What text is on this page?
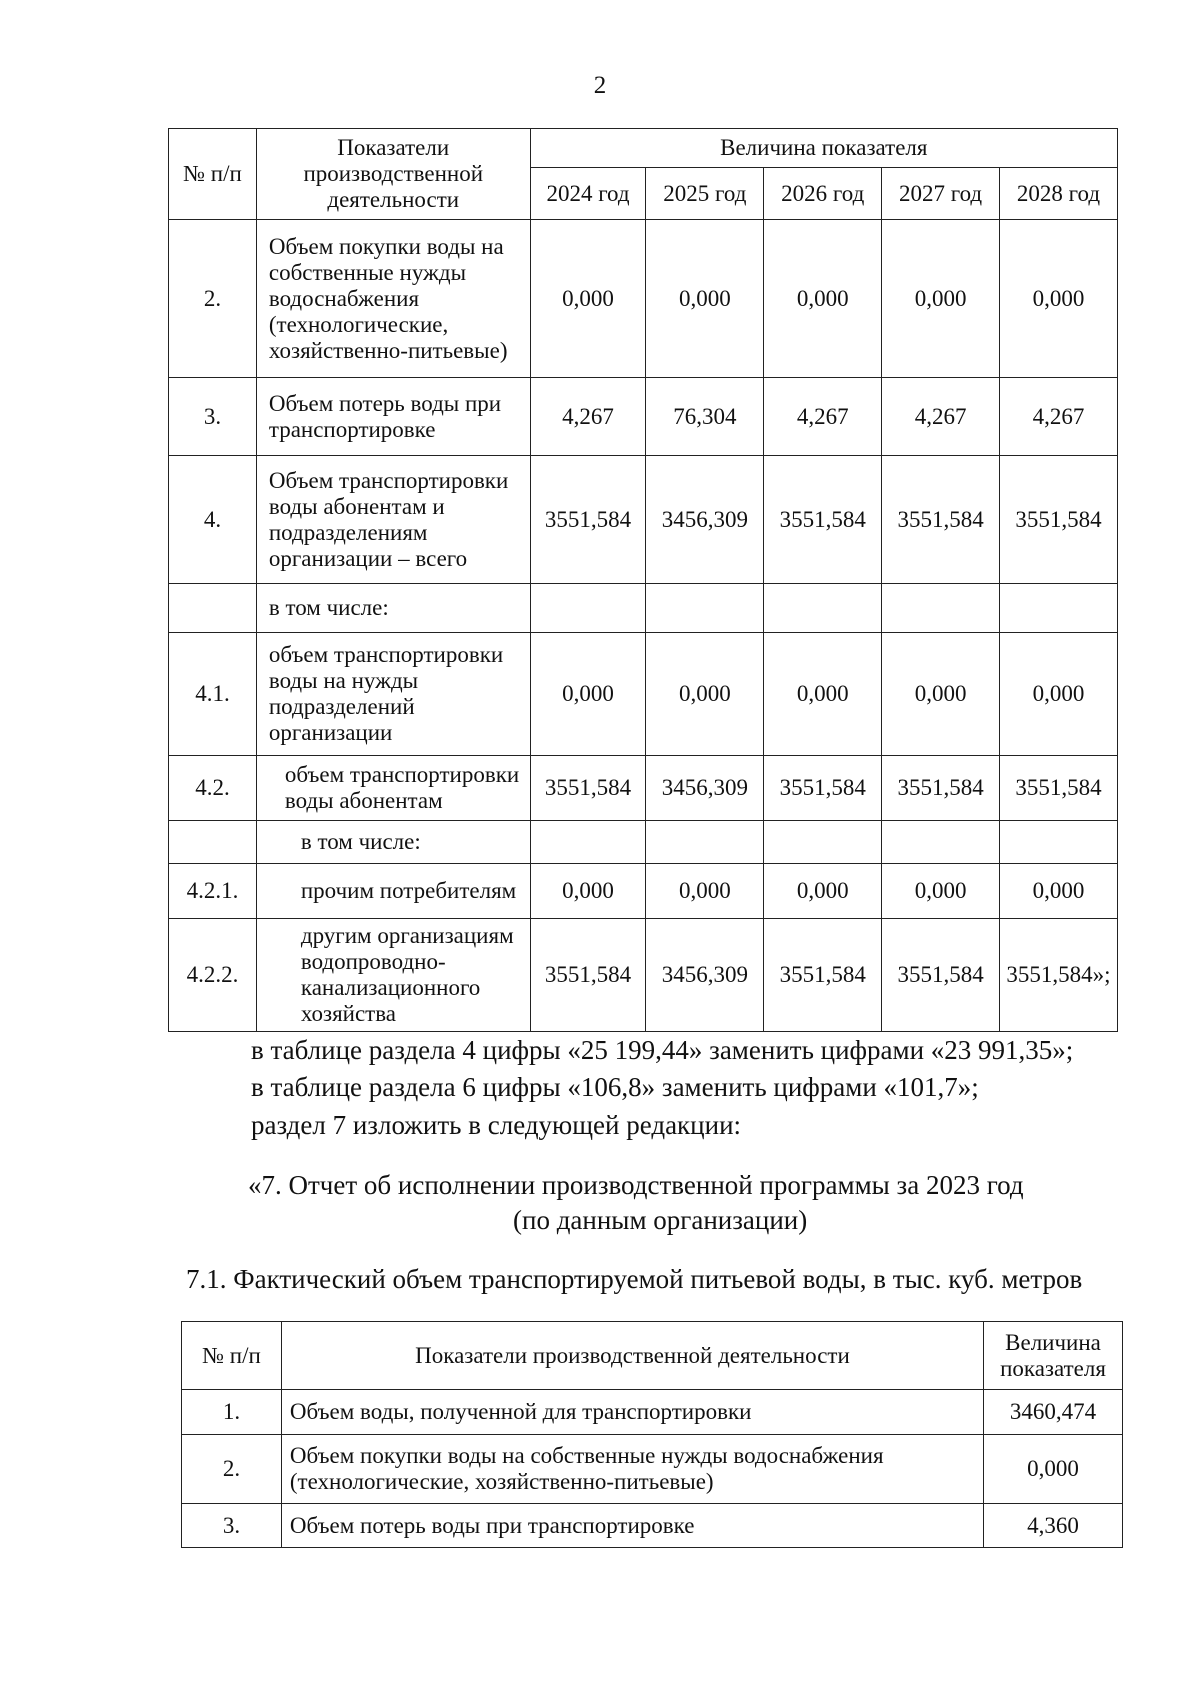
2
№ п/п	Показатели производственной деятельности	Величина показателя				
		2024 год	2025 год	2026 год	2027 год	2028 год
2.	Объем покупки воды на собственные нужды водоснабжения (технологические, хозяйственно-питьевые)	0,000	0,000	0,000	0,000	0,000
3.	Объем потерь воды при транспортировке	4,267	76,304	4,267	4,267	4,267
4.	Объем транспортировки воды абонентам и подразделениям организации – всего	3551,584	3456,309	3551,584	3551,584	3551,584
	в том числе:					
4.1.	объем транспортировки воды на нужды подразделений организации	0,000	0,000	0,000	0,000	0,000
4.2.	объем транспортировки воды абонентам	3551,584	3456,309	3551,584	3551,584	3551,584
	в том числе:					
4.2.1.	прочим потребителям	0,000	0,000	0,000	0,000	0,000
4.2.2.	другим организациям водопроводно-канализационного хозяйства	3551,584	3456,309	3551,584	3551,584	3551,584»;
в таблице раздела 4 цифры «25 199,44» заменить цифрами «23 991,35»;
в таблице раздела 6 цифры «106,8» заменить цифрами «101,7»;
раздел 7 изложить в следующей редакции:
«7. Отчет об исполнении производственной программы за 2023 год
(по данным организации)
7.1. Фактический объем транспортируемой питьевой воды, в тыс. куб. метров
№ п/п	Показатели производственной деятельности	Величина показателя
1.	Объем воды, полученной для транспортировки	3460,474
2.	Объем покупки воды на собственные нужды водоснабжения (технологические, хозяйственно-питьевые)	0,000
3.	Объем потерь воды при транспортировке	4,360
